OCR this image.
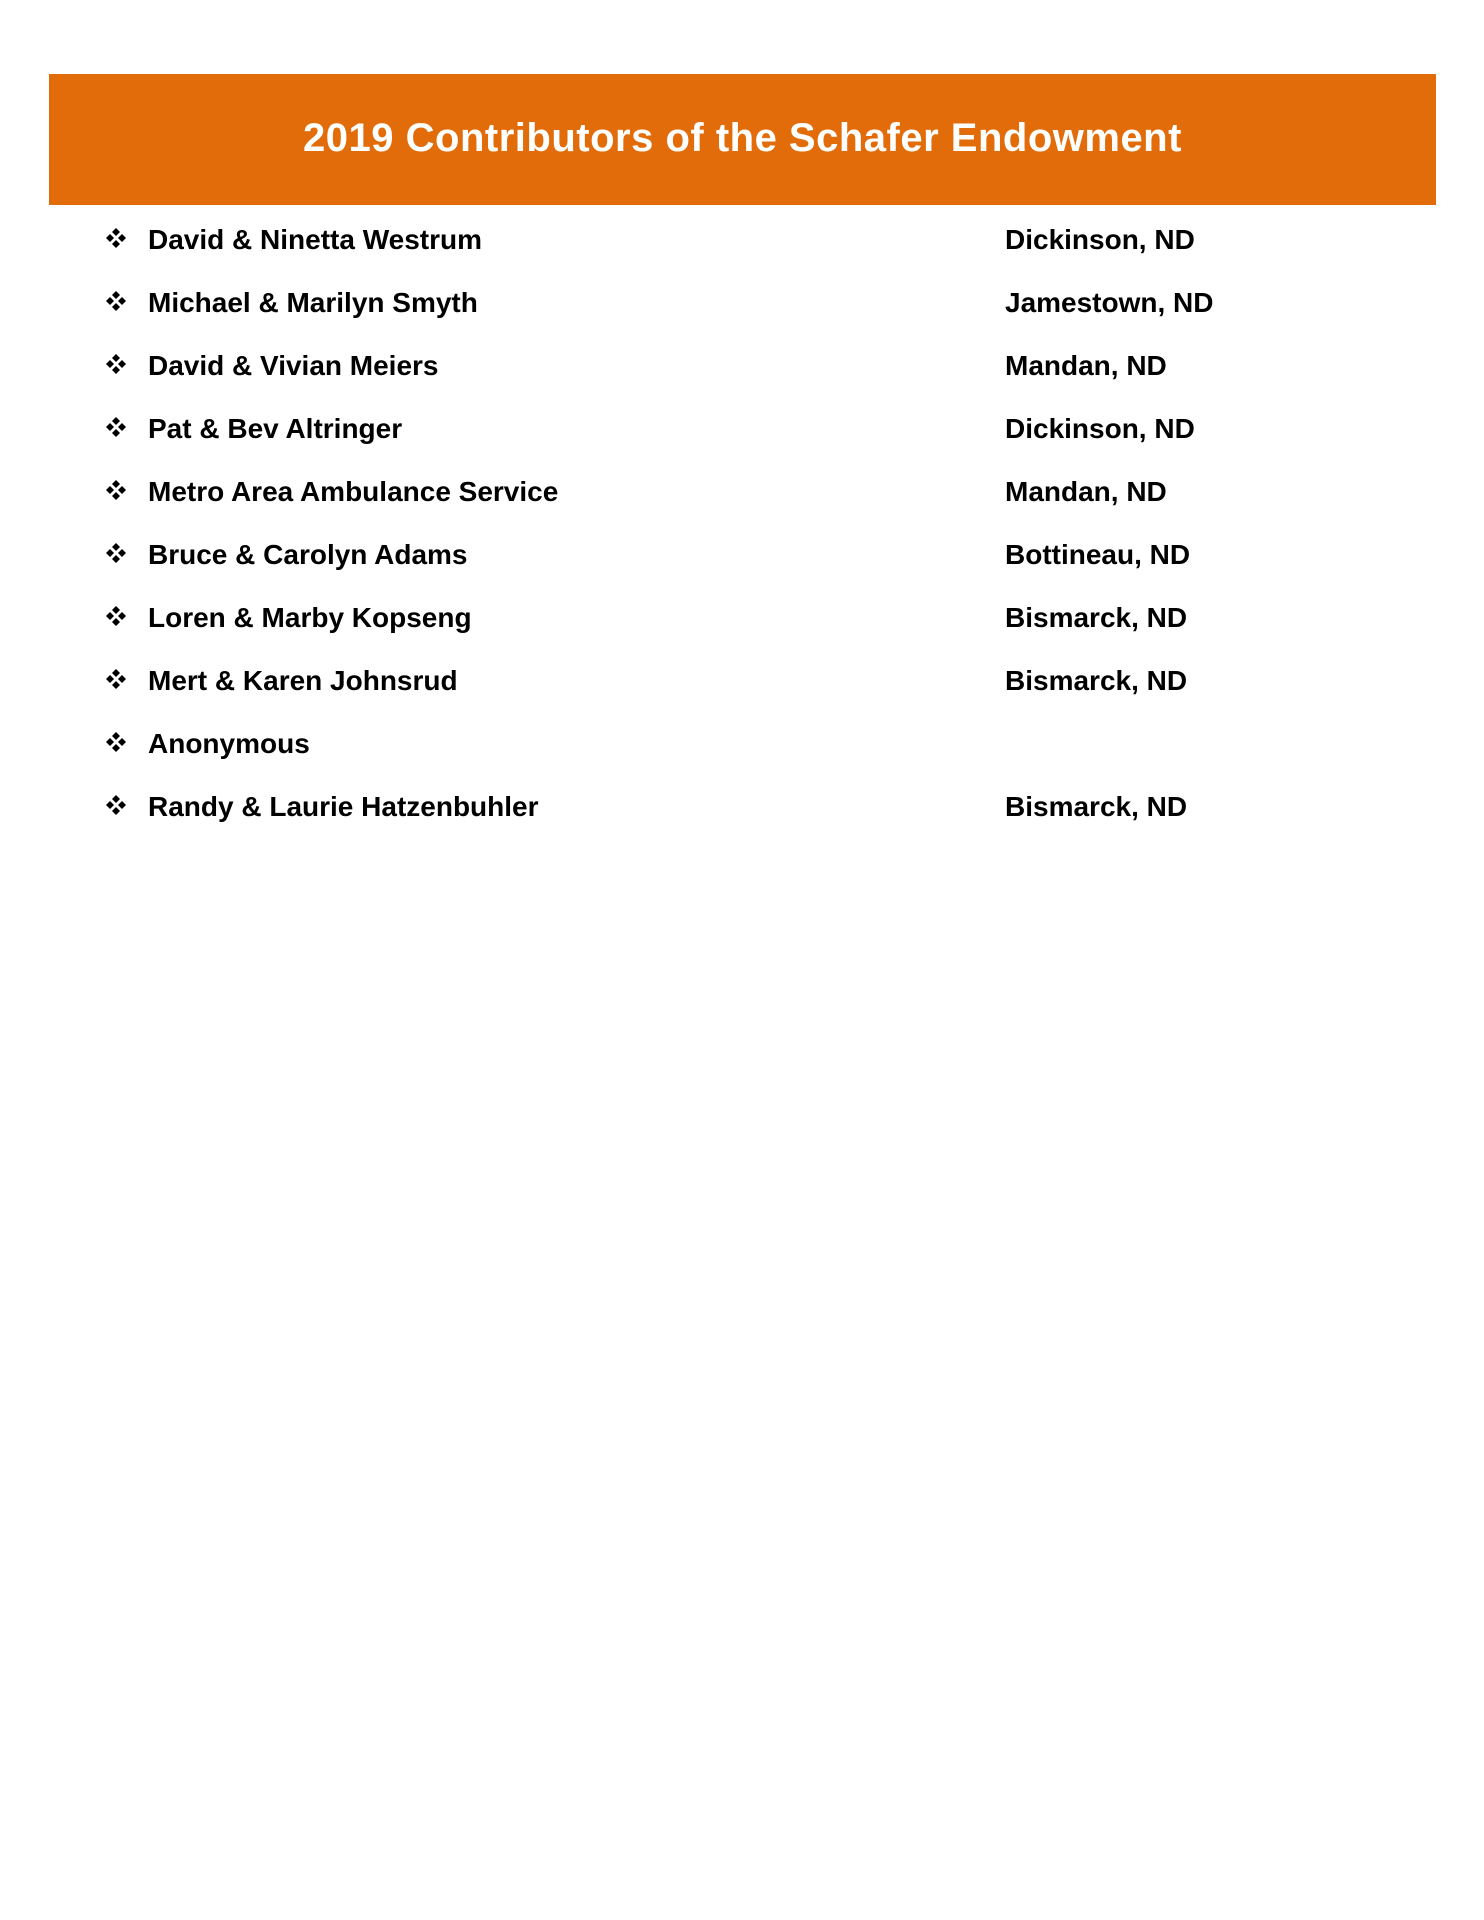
2019 Contributors of the Schafer Endowment
David & Ninetta Westrum	Dickinson, ND
Michael & Marilyn Smyth	Jamestown, ND
David & Vivian Meiers	Mandan, ND
Pat & Bev Altringer	Dickinson, ND
Metro Area Ambulance Service	Mandan, ND
Bruce & Carolyn Adams	Bottineau, ND
Loren & Marby Kopseng	Bismarck, ND
Mert & Karen Johnsrud	Bismarck, ND
Anonymous
Randy & Laurie Hatzenbuhler	Bismarck, ND
